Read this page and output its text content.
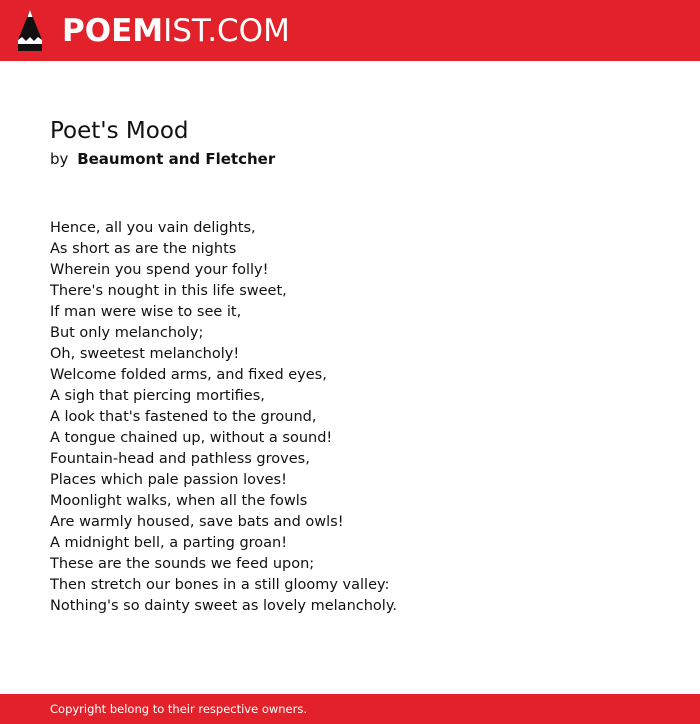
POEMIST.COM
Poet's Mood
by Beaumont and Fletcher
Hence, all you vain delights,
As short as are the nights
Wherein you spend your folly!
There's nought in this life sweet,
If man were wise to see it,
But only melancholy;
Oh, sweetest melancholy!
Welcome folded arms, and fixed eyes,
A sigh that piercing mortifies,
A look that's fastened to the ground,
A tongue chained up, without a sound!
Fountain-head and pathless groves,
Places which pale passion loves!
Moonlight walks, when all the fowls
Are warmly housed, save bats and owls!
A midnight bell, a parting groan!
These are the sounds we feed upon;
Then stretch our bones in a still gloomy valley:
Nothing's so dainty sweet as lovely melancholy.
Copyright belong to their respective owners.
